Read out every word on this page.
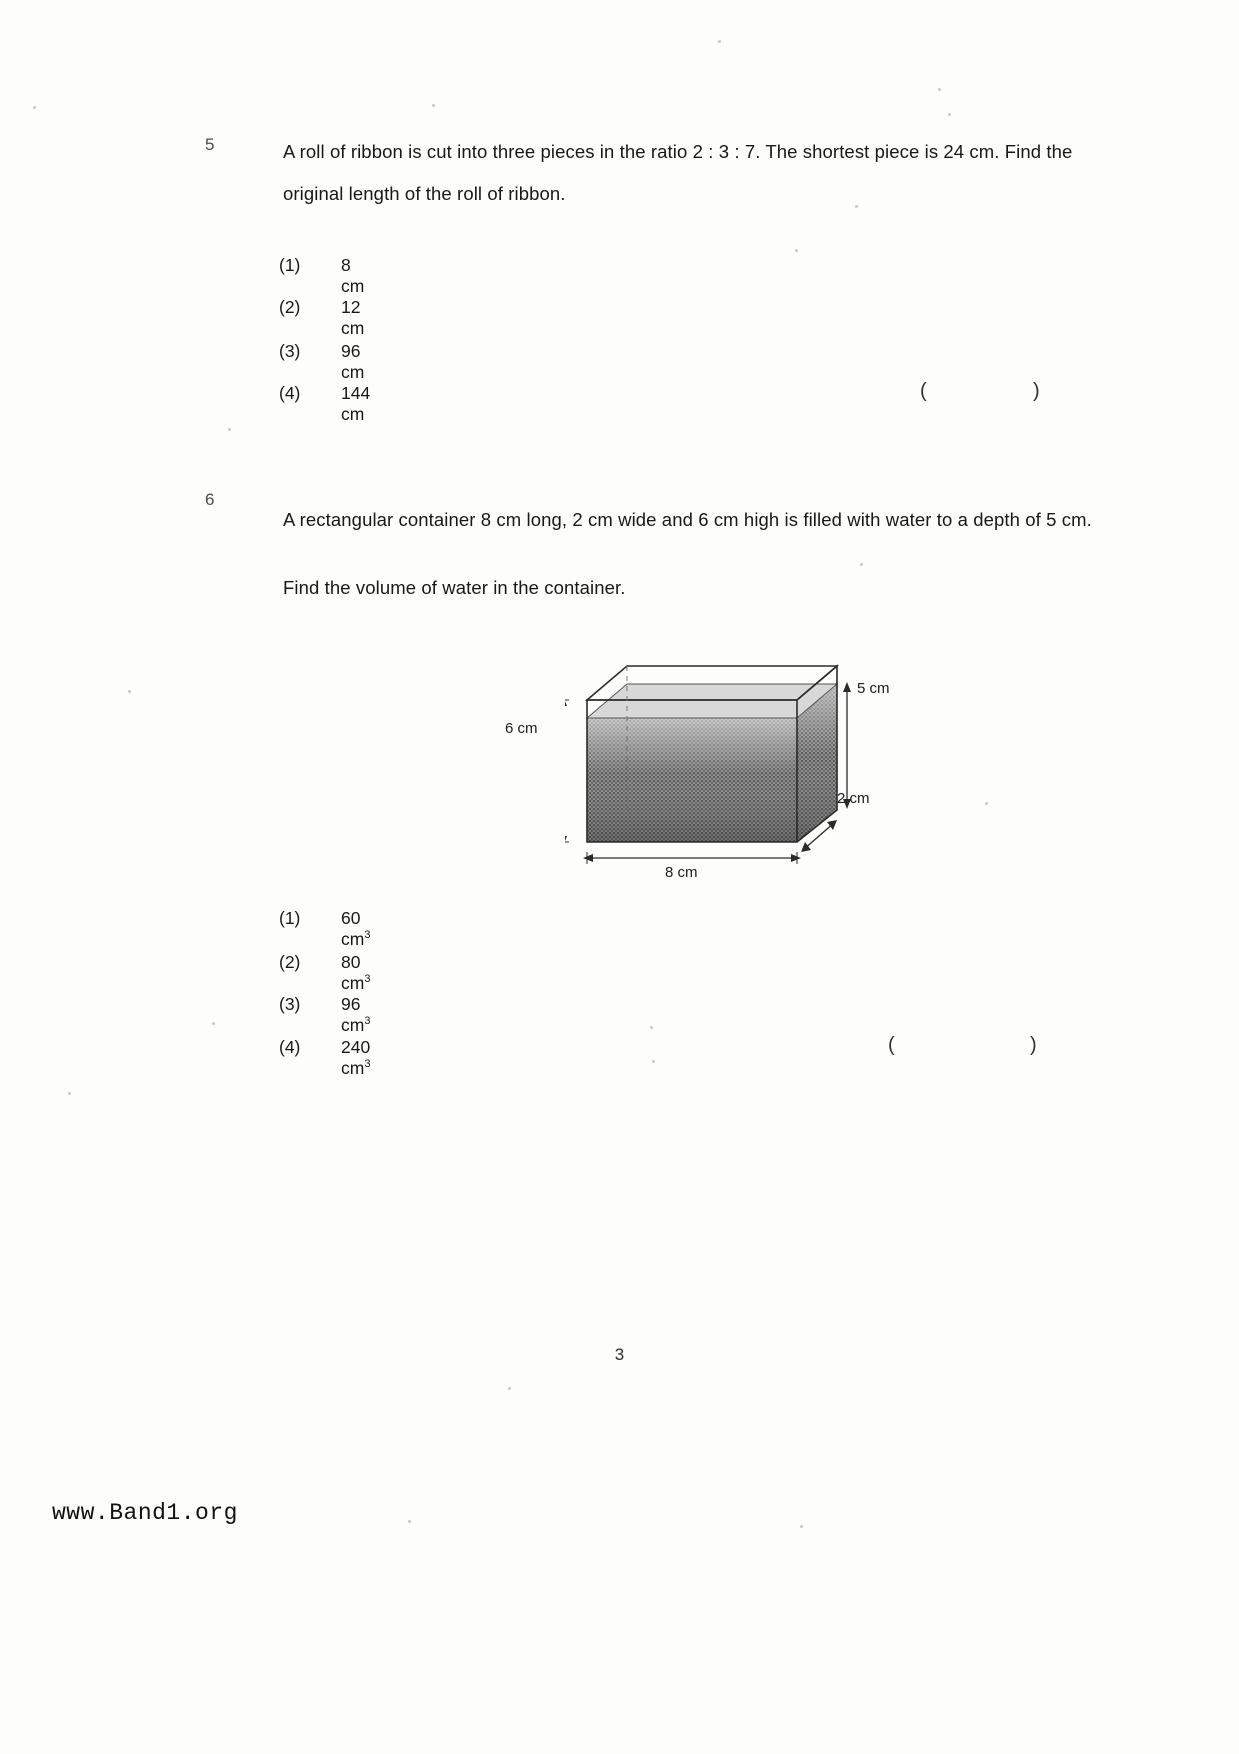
5	A roll of ribbon is cut into three pieces in the ratio 2 : 3 : 7. The shortest piece is 24 cm. Find the original length of the roll of ribbon.
(1) 8 cm
(2) 12 cm
(3) 96 cm
(4) 144 cm
(	)
6
A rectangular container 8 cm long, 2 cm wide and 6 cm high is filled with water to a depth of 5 cm. Find the volume of water in the container.
(1) 60 $cm^3$
(2) 80 $cm^3$
(3) 96 $cm^3$
(4) 240 $cm^3$
(	)
6 cm
5 cm
2 cm
8 cm
3
www.Band1.org
